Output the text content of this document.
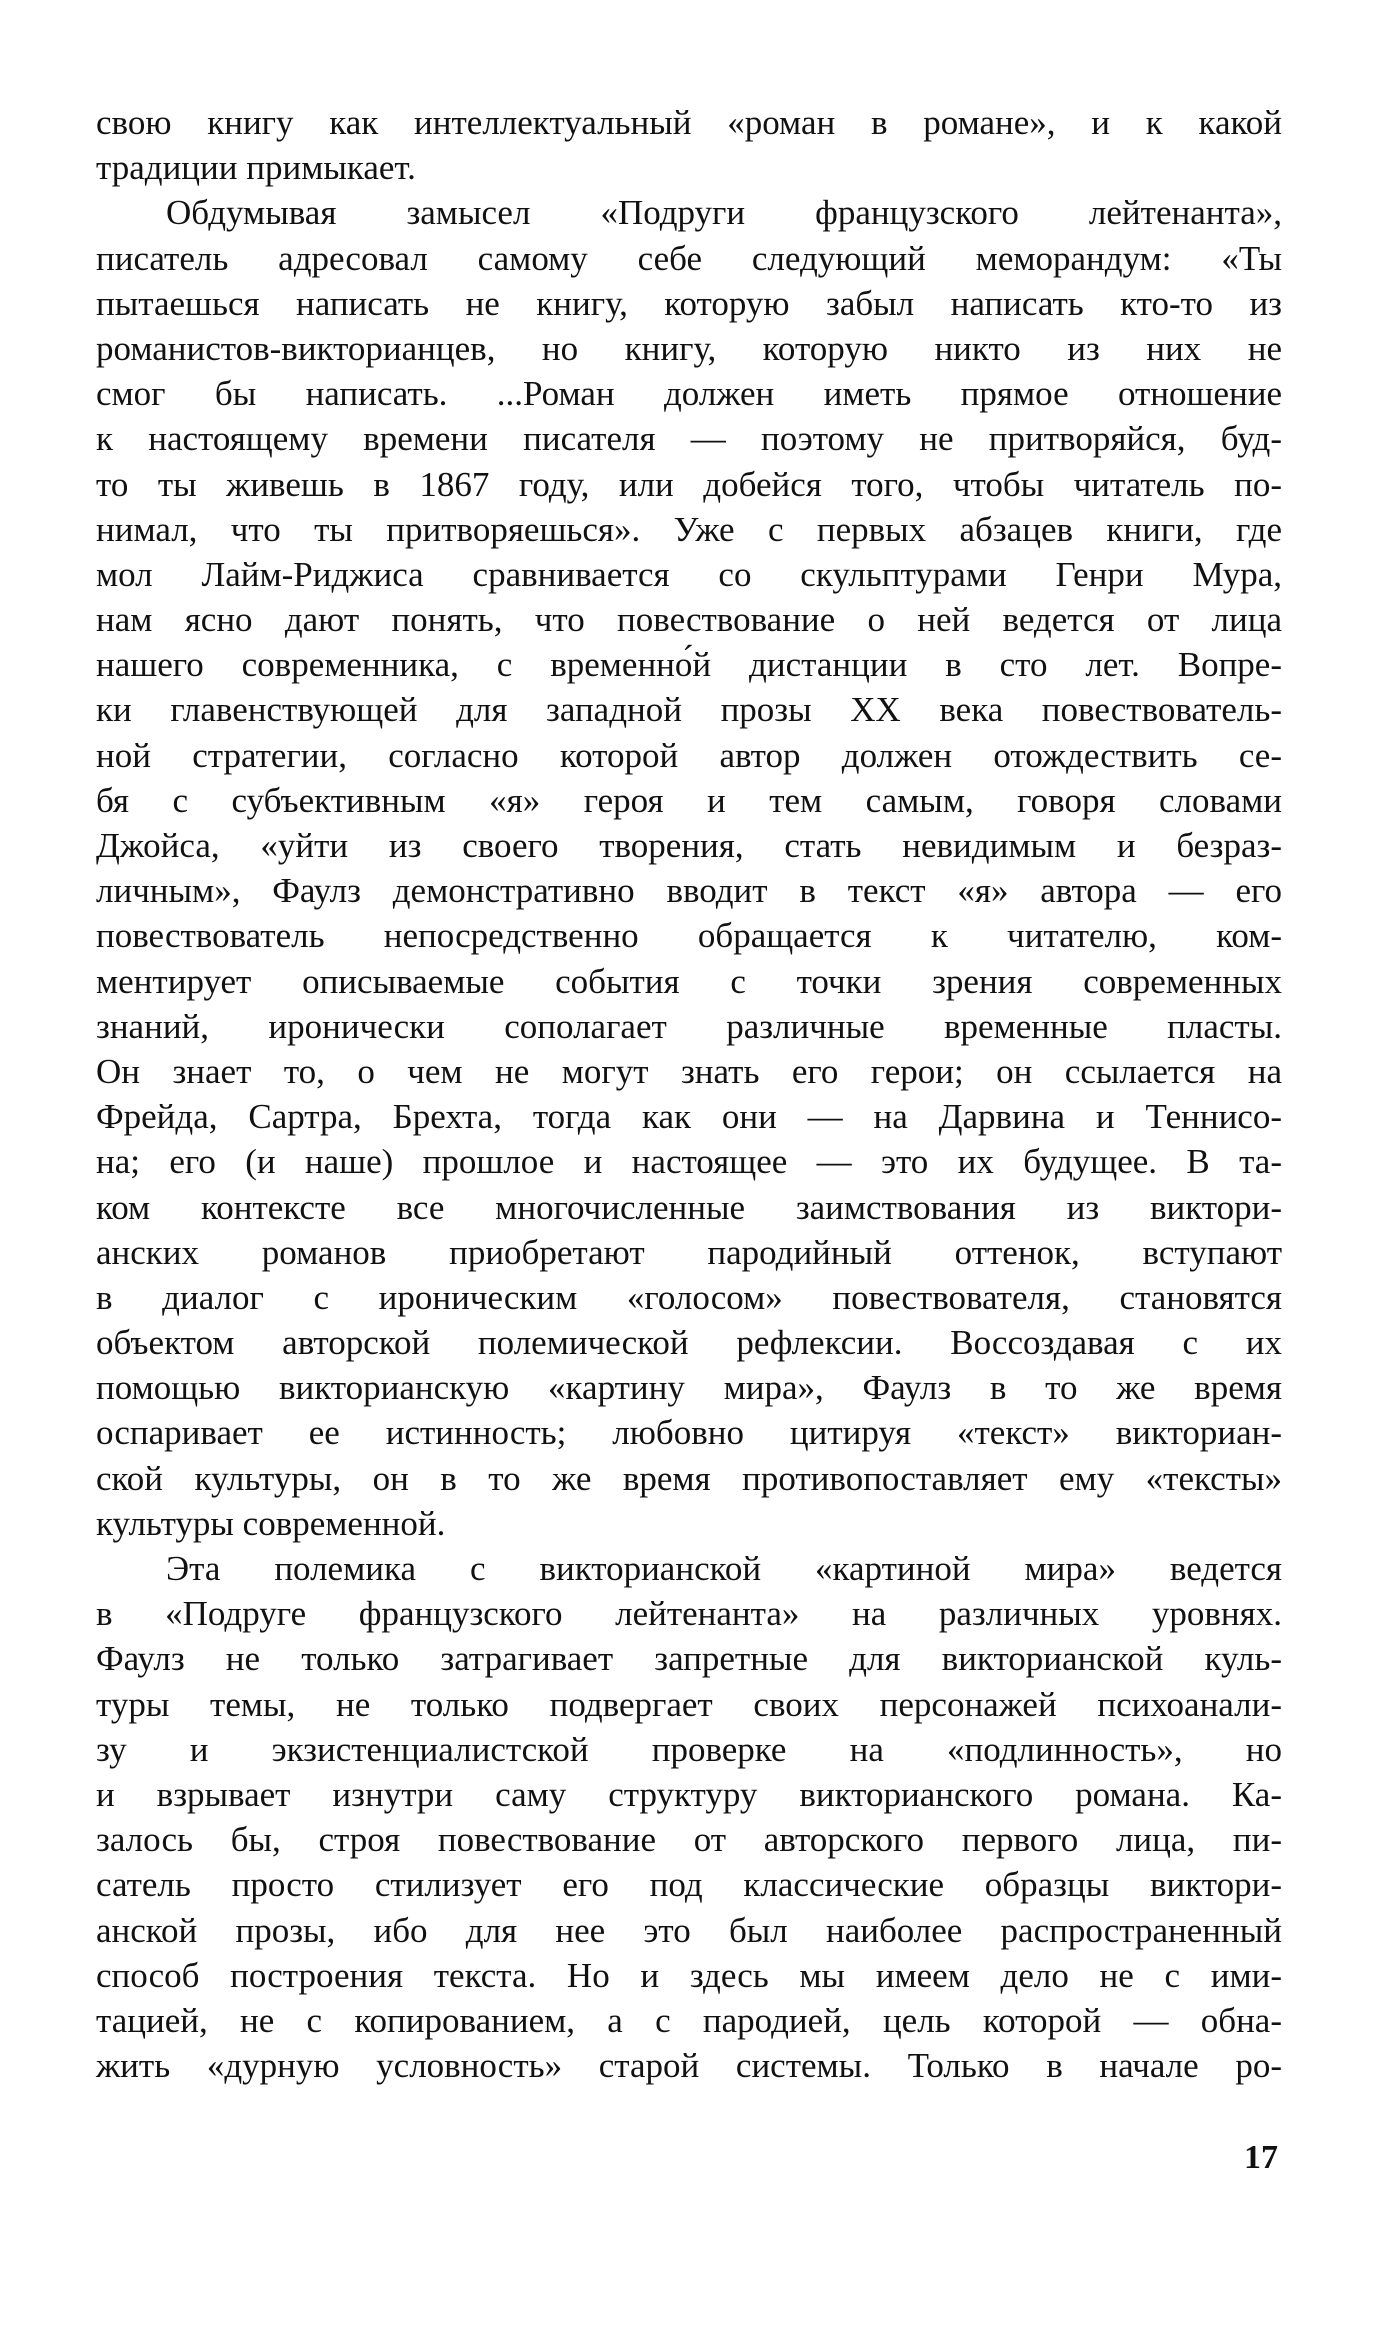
свою книгу как интеллектуальный «роман в романе», и к какой
традиции примыкает.
Обдумывая замысел «Подруги французского лейтенанта»,
писатель адресовал самому себе следующий меморандум: «Ты
пытаешься написать не книгу, которую забыл написать кто-то из
романистов-викторианцев, но книгу, которую никто из них не
смог бы написать. ...Роман должен иметь прямое отношение
к настоящему времени писателя — поэтому не притворяйся, буд-
то ты живешь в 1867 году, или добейся того, чтобы читатель по-
нимал, что ты притворяешься». Уже с первых абзацев книги, где
мол Лайм-Риджиса сравнивается со скульптурами Генри Мура,
нам ясно дают понять, что повествование о ней ведется от лица
нашего современника, с временно́й дистанции в сто лет. Вопре-
ки главенствующей для западной прозы XX века повествователь-
ной стратегии, согласно которой автор должен отождествить се-
бя с субъективным «я» героя и тем самым, говоря словами
Джойса, «уйти из своего творения, стать невидимым и безраз-
личным», Фаулз демонстративно вводит в текст «я» автора — его
повествователь непосредственно обращается к читателю, ком-
ментирует описываемые события с точки зрения современных
знаний, иронически сополагает различные временные пласты.
Он знает то, о чем не могут знать его герои; он ссылается на
Фрейда, Сартра, Брехта, тогда как они — на Дарвина и Теннисо-
на; его (и наше) прошлое и настоящее — это их будущее. В та-
ком контексте все многочисленные заимствования из виктори-
анских романов приобретают пародийный оттенок, вступают
в диалог с ироническим «голосом» повествователя, становятся
объектом авторской полемической рефлексии. Воссоздавая с их
помощью викторианскую «картину мира», Фаулз в то же время
оспаривает ее истинность; любовно цитируя «текст» викториан-
ской культуры, он в то же время противопоставляет ему «тексты»
культуры современной.
Эта полемика с викторианской «картиной мира» ведется
в «Подруге французского лейтенанта» на различных уровнях.
Фаулз не только затрагивает запретные для викторианской куль-
туры темы, не только подвергает своих персонажей психоанали-
зу и экзистенциалистской проверке на «подлинность», но
и взрывает изнутри саму структуру викторианского романа. Ка-
залось бы, строя повествование от авторского первого лица, пи-
сатель просто стилизует его под классические образцы виктори-
анской прозы, ибо для нее это был наиболее распространенный
способ построения текста. Но и здесь мы имеем дело не с ими-
тацией, не с копированием, а с пародией, цель которой — обна-
жить «дурную условность» старой системы. Только в начале ро-
17
